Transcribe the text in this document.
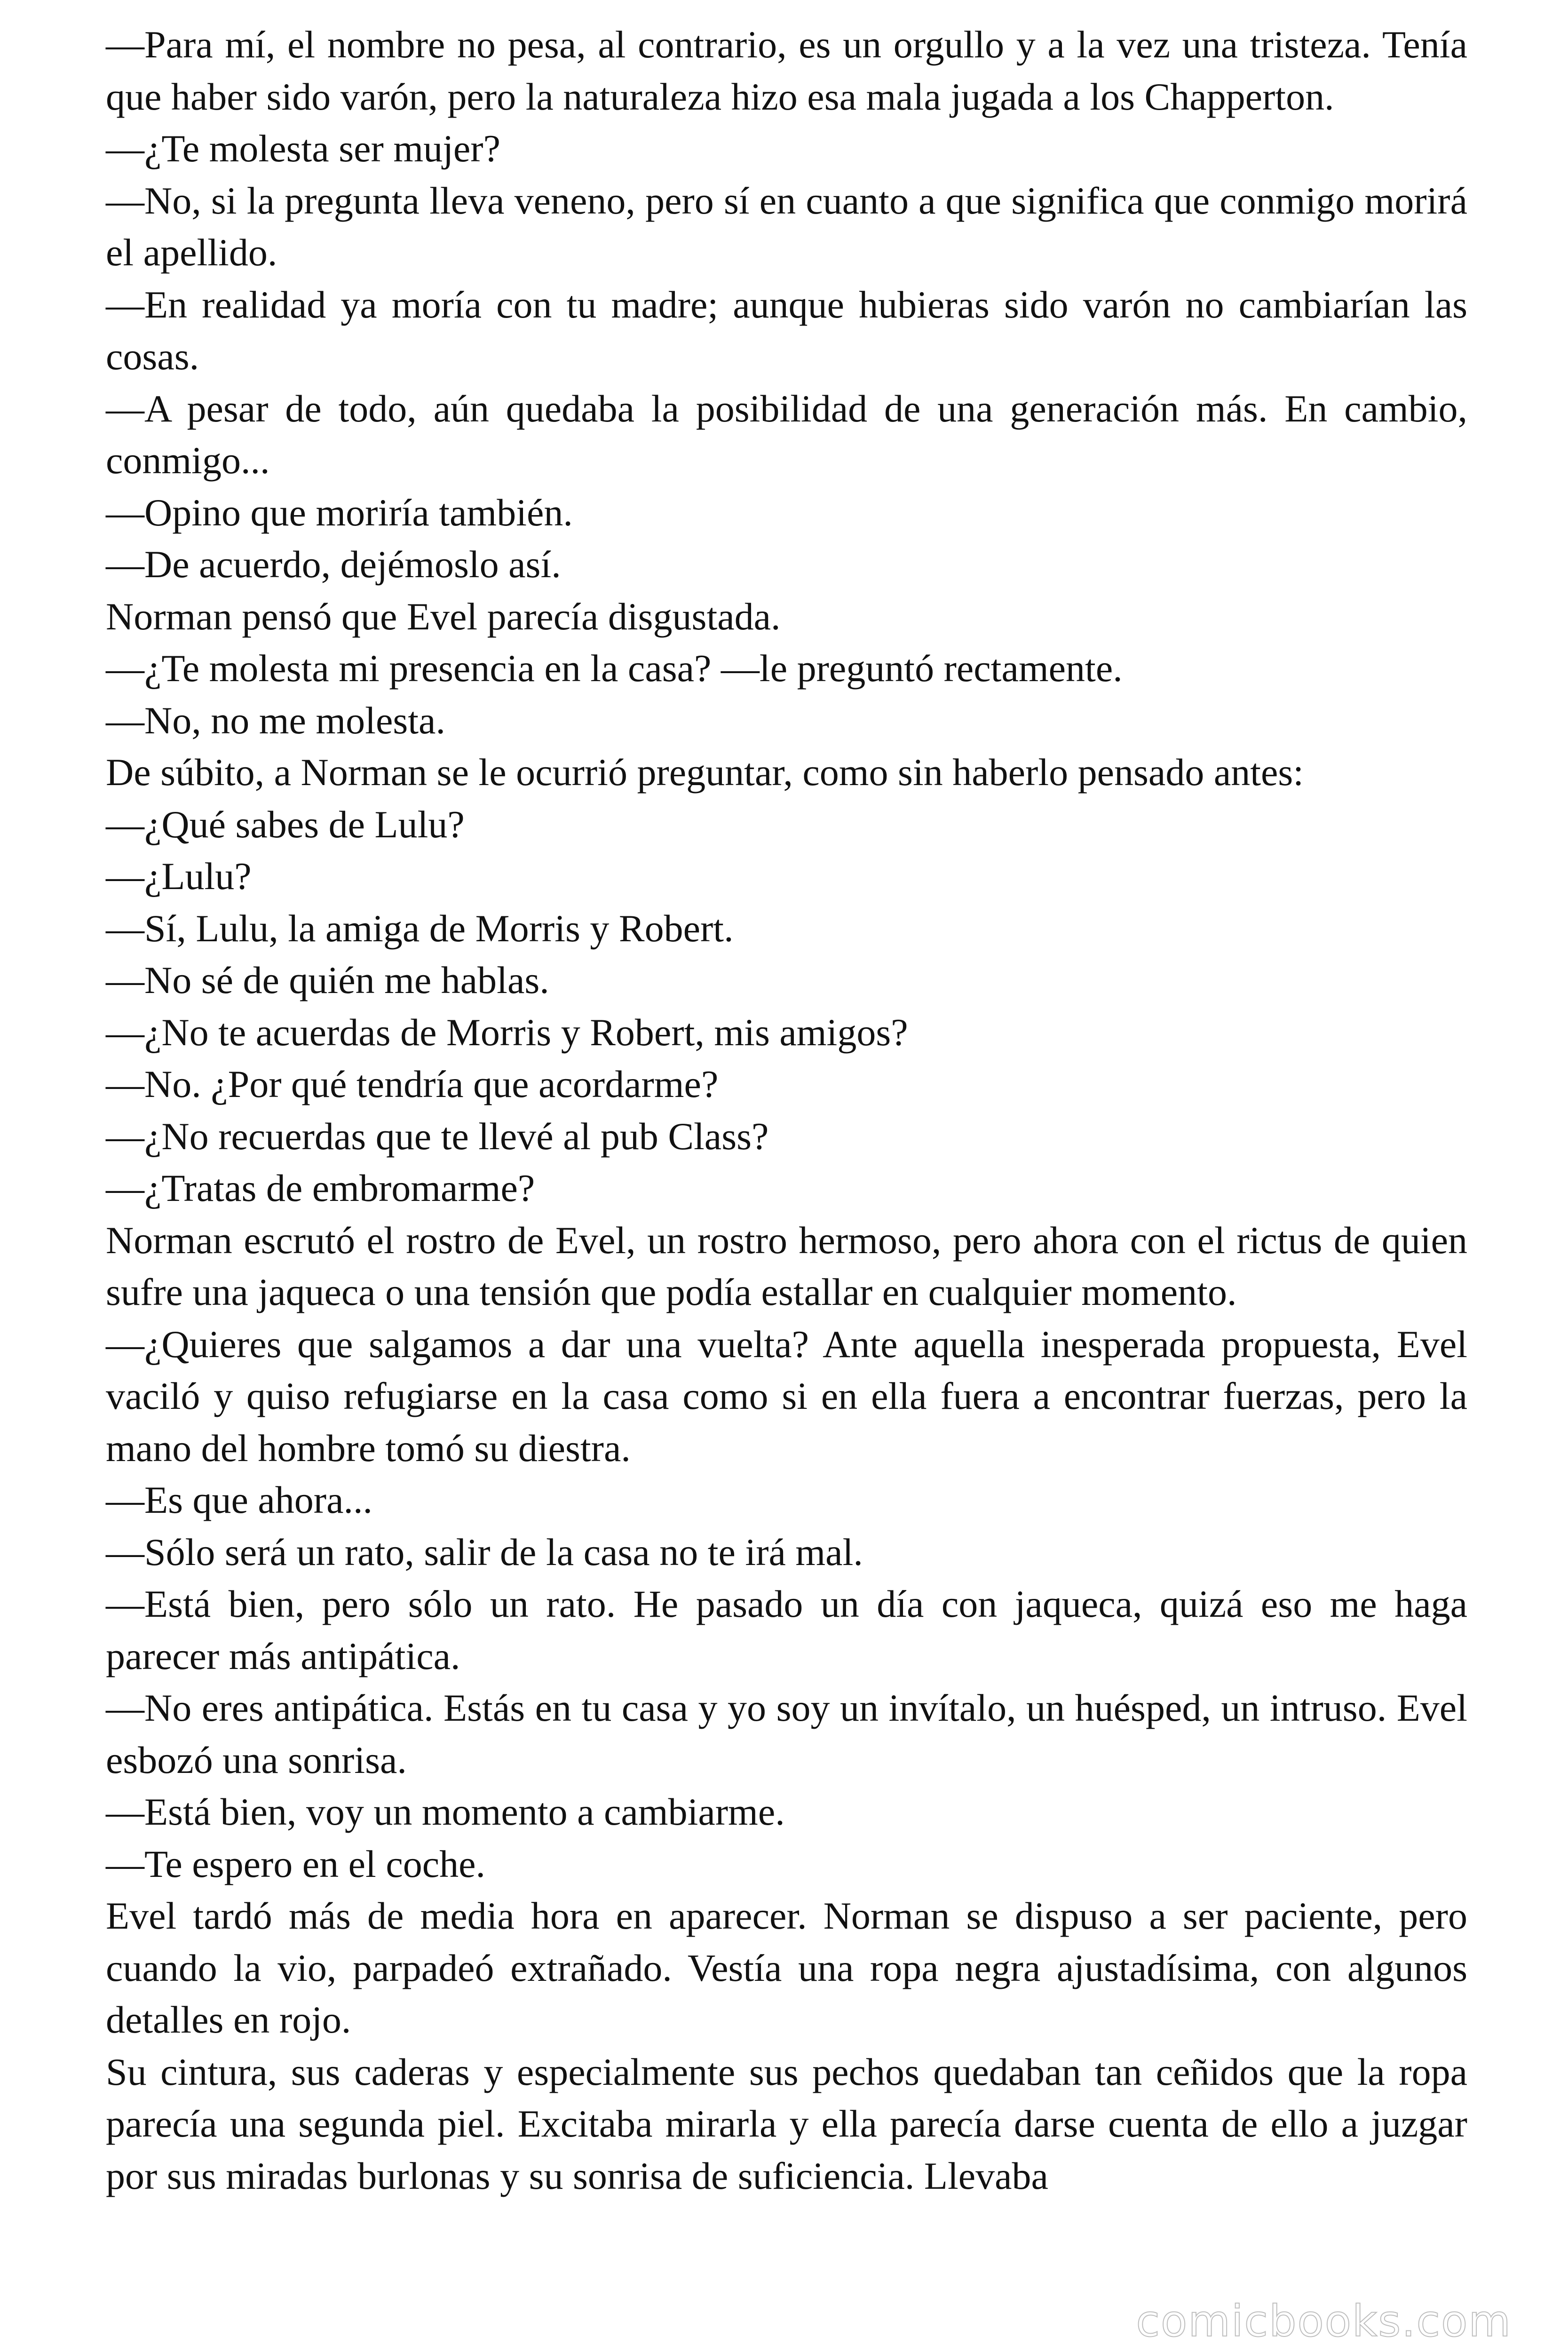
—Para mí, el nombre no pesa, al contrario, es un orgullo y a la vez una tristeza. Tenía que haber sido varón, pero la naturaleza hizo esa mala jugada a los Chapperton.

—¿Te molesta ser mujer?

—No, si la pregunta lleva veneno, pero sí en cuanto a que significa que conmigo morirá el apellido.

—En realidad ya moría con tu madre; aunque hubieras sido varón no cambiarían las cosas.

—A pesar de todo, aún quedaba la posibilidad de una generación más. En cambio, conmigo...

—Opino que moriría también.

—De acuerdo, dejémoslo así.

Norman pensó que Evel parecía disgustada.

—¿Te molesta mi presencia en la casa? —le preguntó rectamente.

—No, no me molesta.

De súbito, a Norman se le ocurrió preguntar, como sin haberlo pensado antes:

—¿Qué sabes de Lulu?

—¿Lulu?

—Sí, Lulu, la amiga de Morris y Robert.

—No sé de quién me hablas.

—¿No te acuerdas de Morris y Robert, mis amigos?

—No. ¿Por qué tendría que acordarme?

—¿No recuerdas que te llevé al pub Class?

—¿Tratas de embromarme?

Norman escrutó el rostro de Evel, un rostro hermoso, pero ahora con el rictus de quien sufre una jaqueca o una tensión que podía estallar en cualquier momento.

—¿Quieres que salgamos a dar una vuelta? Ante aquella inesperada propuesta, Evel vaciló y quiso refugiarse en la casa como si en ella fuera a encontrar fuerzas, pero la mano del hombre tomó su diestra.

—Es que ahora...

—Sólo será un rato, salir de la casa no te irá mal.

—Está bien, pero sólo un rato. He pasado un día con jaqueca, quizá eso me haga parecer más antipática.

—No eres antipática. Estás en tu casa y yo soy un invítalo, un huésped, un intruso. Evel esbozó una sonrisa.

—Está bien, voy un momento a cambiarme.

—Te espero en el coche.

Evel tardó más de media hora en aparecer. Norman se dispuso a ser paciente, pero cuando la vio, parpadeó extrañado. Vestía una ropa negra ajustadísima, con algunos detalles en rojo.

Su cintura, sus caderas y especialmente sus pechos quedaban tan ceñidos que la ropa parecía una segunda piel. Excitaba mirarla y ella parecía darse cuenta de ello a juzgar por sus miradas burlonas y su sonrisa de suficiencia. Llevaba

comicbooks.com
